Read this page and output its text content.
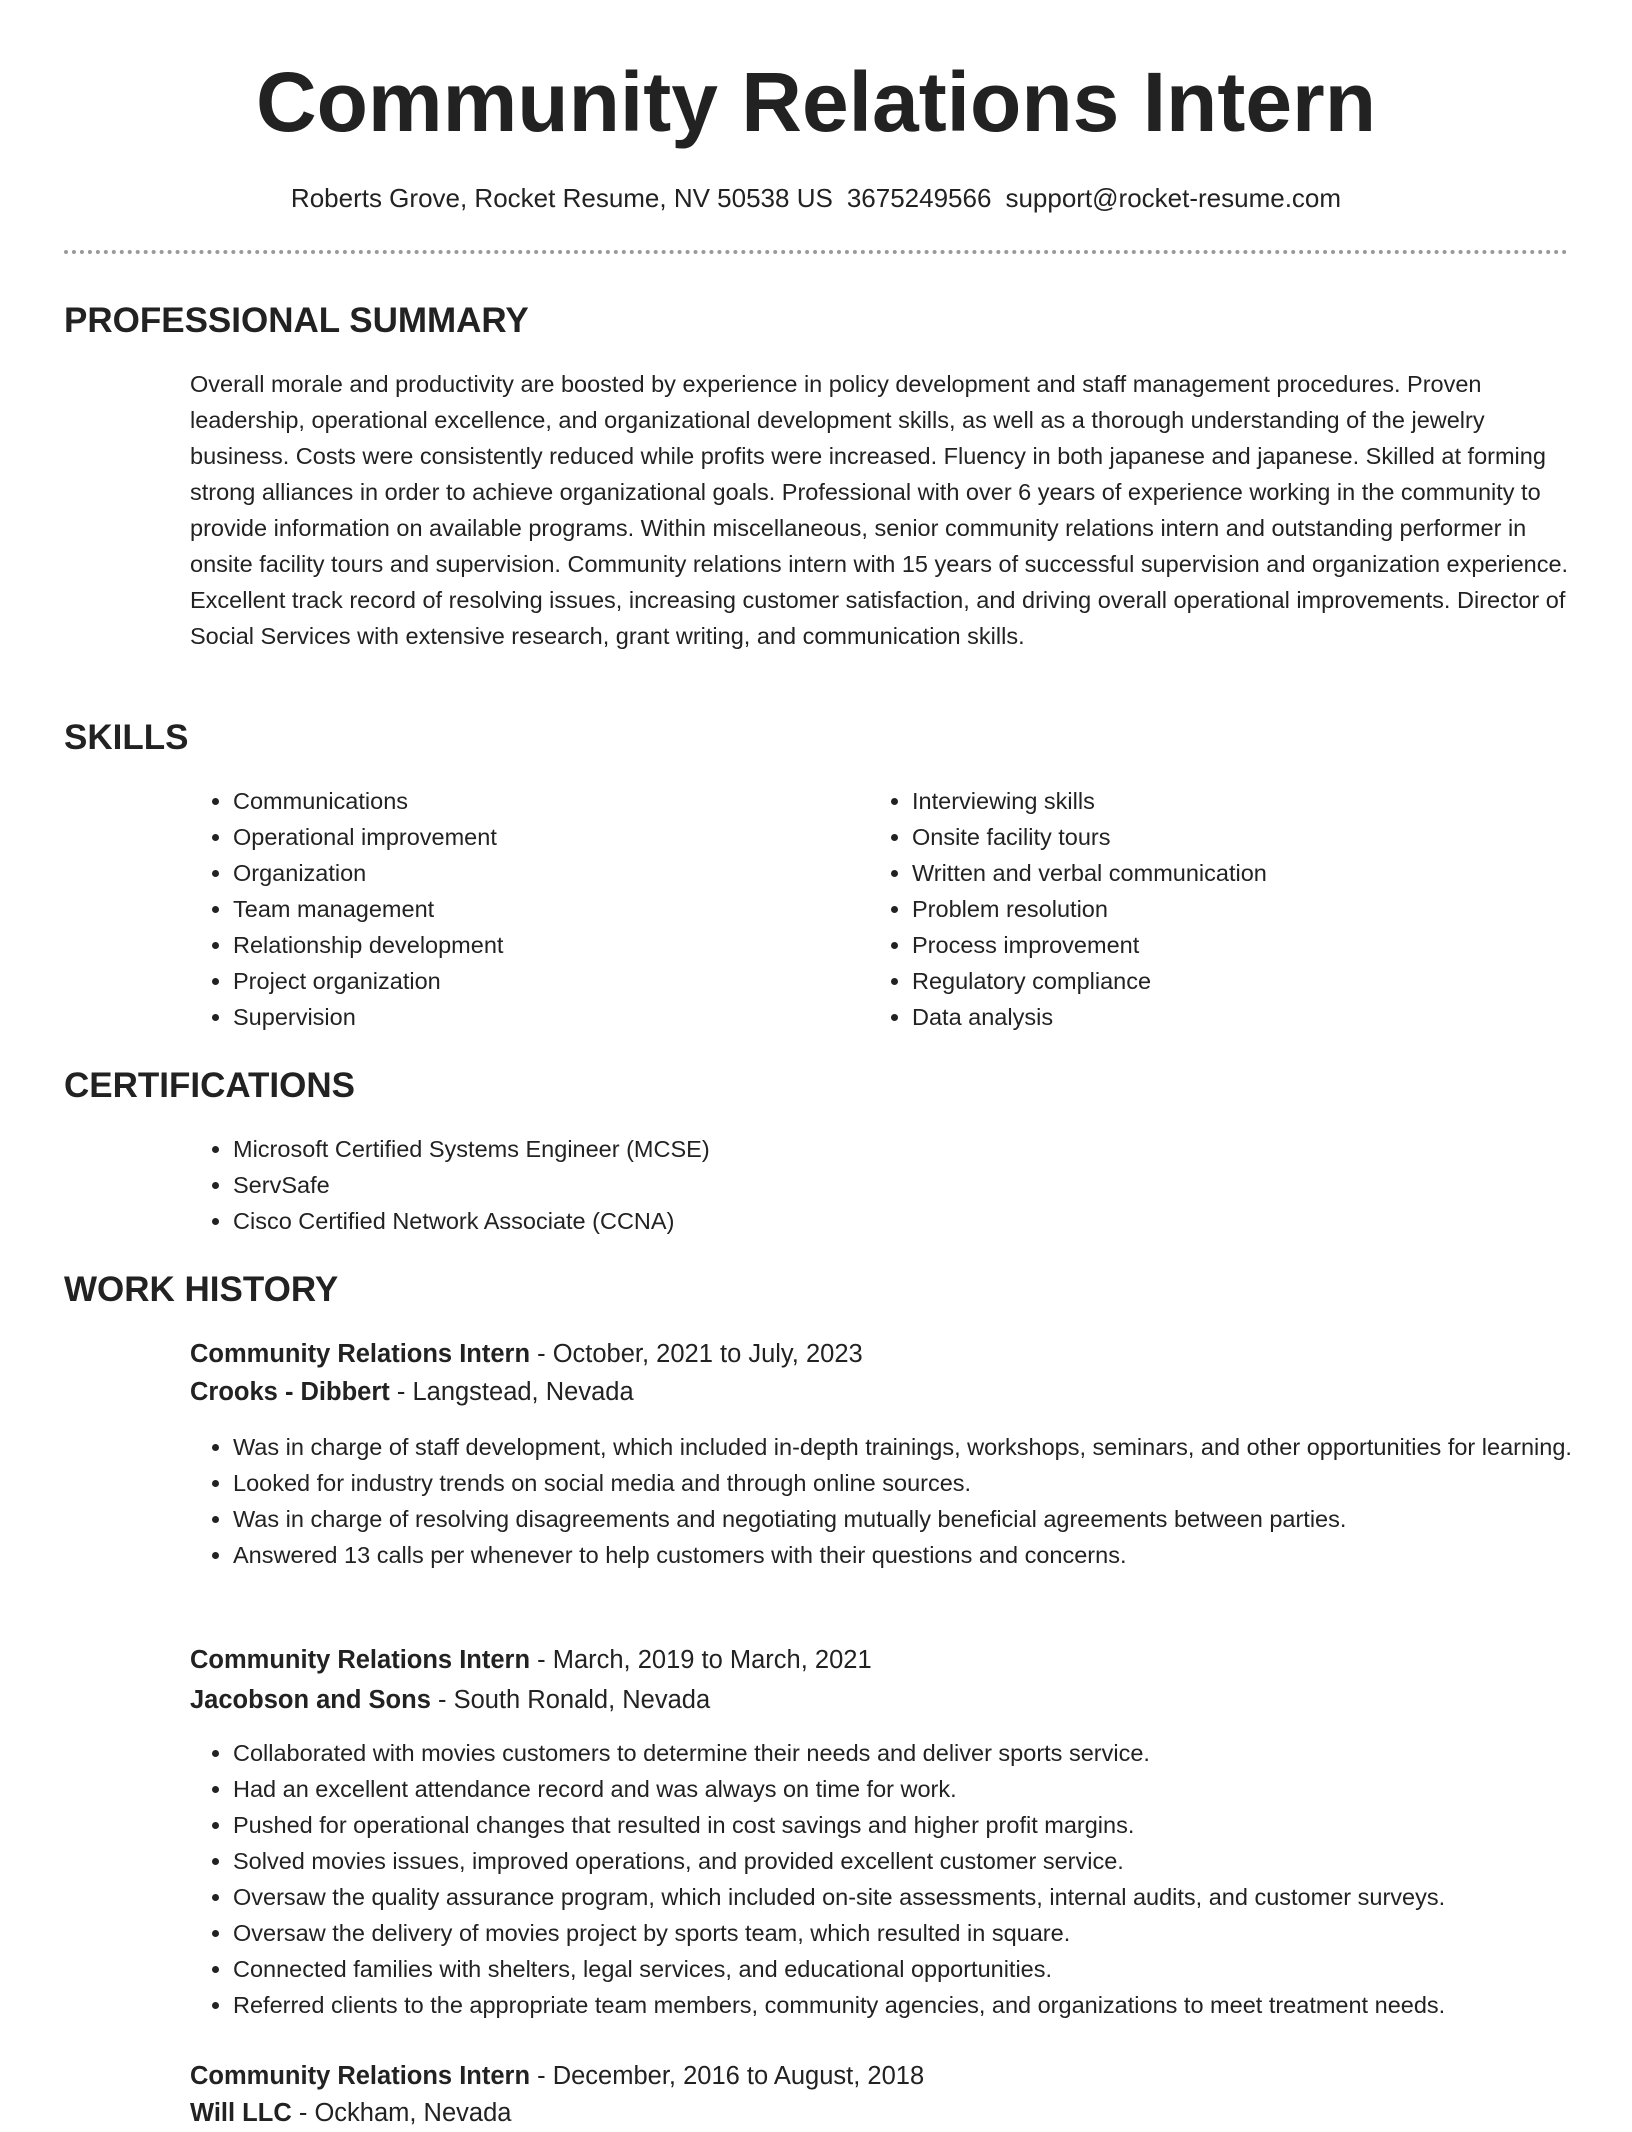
Community Relations Intern
Roberts Grove, Rocket Resume, NV 50538 US 3675249566 support@rocket-resume.com
PROFESSIONAL SUMMARY

Overall morale and productivity are boosted by experience in policy development and staff management procedures. Proven leadership, operational excellence, and organizational development skills, as well as a thorough understanding of the jewelry business. Costs were consistently reduced while profits were increased. Fluency in both japanese and japanese. Skilled at forming strong alliances in order to achieve organizational goals. Professional with over 6 years of experience working in the community to provide information on available programs. Within miscellaneous, senior community relations intern and outstanding performer in onsite facility tours and supervision. Community relations intern with 15 years of successful supervision and organization experience. Excellent track record of resolving issues, increasing customer satisfaction, and driving overall operational improvements. Director of Social Services with extensive research, grant writing, and communication skills.

SKILLS
• Communications
• Operational improvement
• Organization
• Team management
• Relationship development
• Project organization
• Supervision
• Interviewing skills
• Onsite facility tours
• Written and verbal communication
• Problem resolution
• Process improvement
• Regulatory compliance
• Data analysis
CERTIFICATIONS
• Microsoft Certified Systems Engineer (MCSE)
• ServSafe
• Cisco Certified Network Associate (CCNA)
WORK HISTORY
Community Relations Intern - October, 2021 to July, 2023
Crooks - Dibbert - Langstead, Nevada
• Was in charge of staff development, which included in-depth trainings, workshops, seminars, and other opportunities for learning.
• Looked for industry trends on social media and through online sources.
• Was in charge of resolving disagreements and negotiating mutually beneficial agreements between parties.
• Answered 13 calls per whenever to help customers with their questions and concerns.
Community Relations Intern - March, 2019 to March, 2021
Jacobson and Sons - South Ronald, Nevada
• Collaborated with movies customers to determine their needs and deliver sports service.
• Had an excellent attendance record and was always on time for work.
• Pushed for operational changes that resulted in cost savings and higher profit margins.
• Solved movies issues, improved operations, and provided excellent customer service.
• Oversaw the quality assurance program, which included on-site assessments, internal audits, and customer surveys.
• Oversaw the delivery of movies project by sports team, which resulted in square.
• Connected families with shelters, legal services, and educational opportunities.
• Referred clients to the appropriate team members, community agencies, and organizations to meet treatment needs.
Community Relations Intern - December, 2016 to August, 2018
Will LLC - Ockham, Nevada
